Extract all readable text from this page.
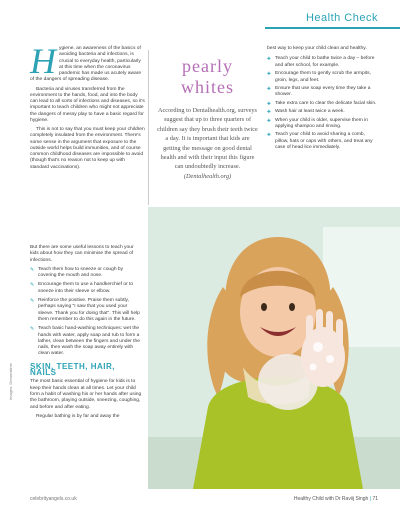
Health Check

Hygiene, an awareness of the basics of avoiding bacteria and infections, is crucial to everyday health, particularly at this time when the coronavirus pandemic has made us acutely aware of the dangers of spreading disease.

Bacteria and viruses transferred from the environment to the hands, food, and into the body can lead to all sorts of infections and diseases, so it's important to teach children who might not appreciate the dangers of messy play to have a basic regard for hygiene.

This is not to say that you must keep your children completely insulated from the environment. There's some sense in the argument that exposure to the outside world helps build immunities, and of course common childhood diseases are impossible to avoid (though that's no reason not to keep up with standard vaccinations).

pearly whites
According to Dentalhealth.org, surveys suggest that up to three quarters of children say they brush their teeth twice a day. It is important that kids are getting the message on good dental health and with their input this figure can undoubtedly increase. (Dentalhealth.org)

best way to keep your child clean and healthy.

✚ Teach your child to bathe twice a day – before and after school, for example.
✚ Encourage them to gently scrub the armpits, groin, legs, and feet.
✚ Ensure that use soap every time they take a shower.
✚ Take extra care to clear the delicate facial skin.
✚ Wash hair at least twice a week.
✚ When your child is older, supervise them in applying shampoo and rinsing.
✚ Teach your child to avoid sharing a comb, pillow, hats or caps with others, and treat any case of head lice immediately.

But there are some useful lessons to teach your kids about how they can minimise the spread of infections.

✎ Teach them how to sneeze or cough by covering the mouth and nose.
✎ Encourage them to use a handkerchief or to sneeze into their sleeve or elbow.
✎ Reinforce the positive. Praise them subtly, perhaps saying "I saw that you used your sleeve. Thank you for doing that". This will help them remember to do this again in the future.
✎ Teach basic hand-washing techniques: wet the hands with water, apply soap and rub to form a lather, clean between the fingers and under the nails, then wash the soap away entirely with clean water.
SKIN, TEETH, HAIR, NAILS

The most basic essential of hygiene for kids is to keep their hands clean at all times. Let your child form a habit of washing his or her hands after using the bathroom, playing outside, sneezing, coughing, and before and after eating.

Regular bathing is by far and away the

Images: Dreamstime
celebrityangels.co.uk	Healthy Child with Dr Raviij Singh | 71
